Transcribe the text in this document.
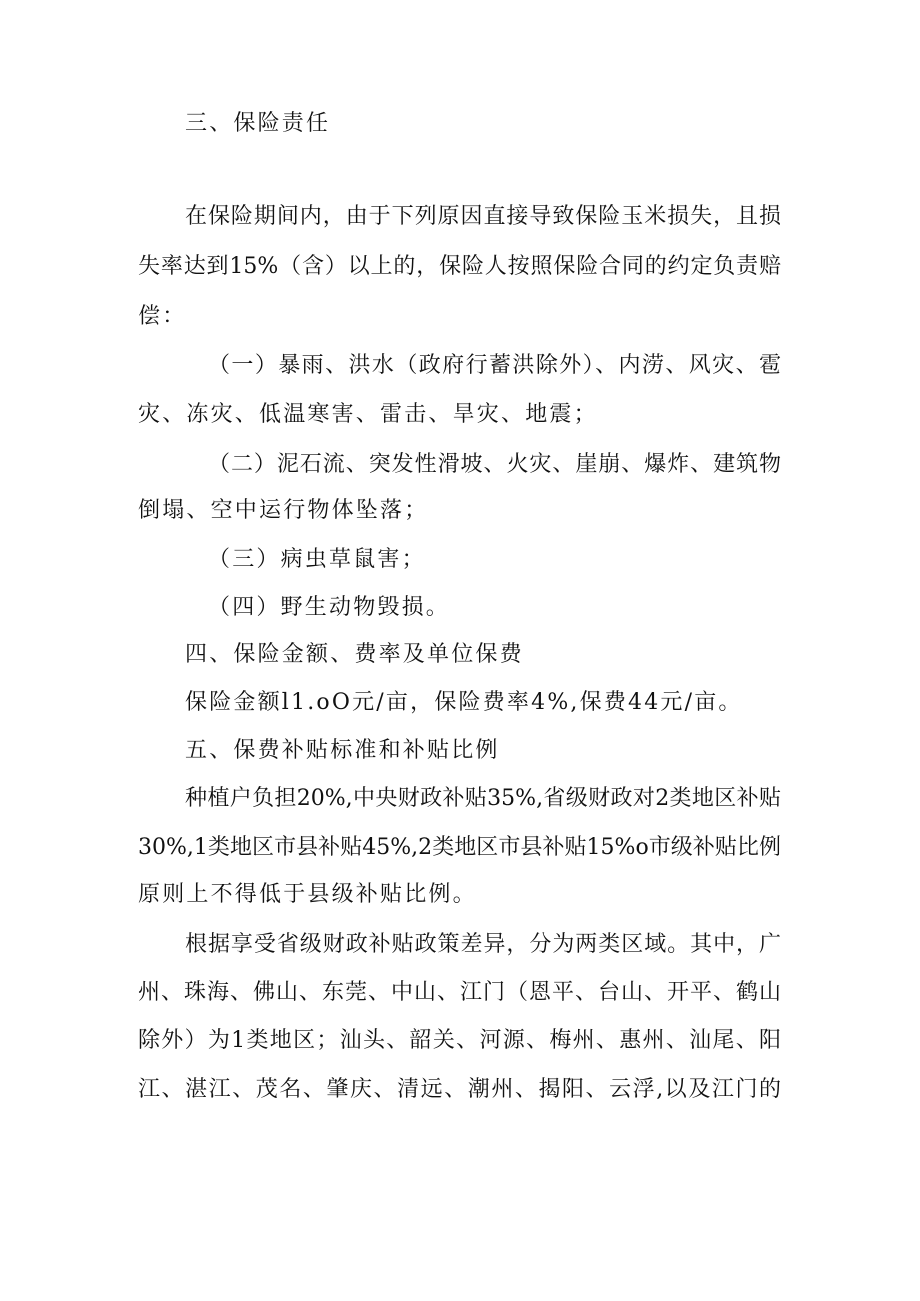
三、保险责任
在保险期间内，由于下列原因直接导致保险玉米损失，且损
失率达到15%（含）以上的，保险人按照保险合同的约定负责赔
偿：
（一）暴雨、洪水（政府行蓄洪除外）、内涝、风灾、雹
灾、冻灾、低温寒害、雷击、旱灾、地震；
（二）泥石流、突发性滑坡、火灾、崖崩、爆炸、建筑物
倒塌、空中运行物体坠落；
（三）病虫草鼠害；
（四）野生动物毁损。
四、保险金额、费率及单位保费
保险金额l1.oO元/亩，保险费率4%,保费44元/亩。
五、保费补贴标准和补贴比例
种植户负担20%,中央财政补贴35%,省级财政对2类地区补贴
30%,1类地区市县补贴45%,2类地区市县补贴15%o市级补贴比例
原则上不得低于县级补贴比例。
根据享受省级财政补贴政策差异，分为两类区域。其中，广
州、珠海、佛山、东莞、中山、江门（恩平、台山、开平、鹤山
除外）为1类地区；汕头、韶关、河源、梅州、惠州、汕尾、阳
江、湛江、茂名、肇庆、清远、潮州、揭阳、云浮,以及江门的
